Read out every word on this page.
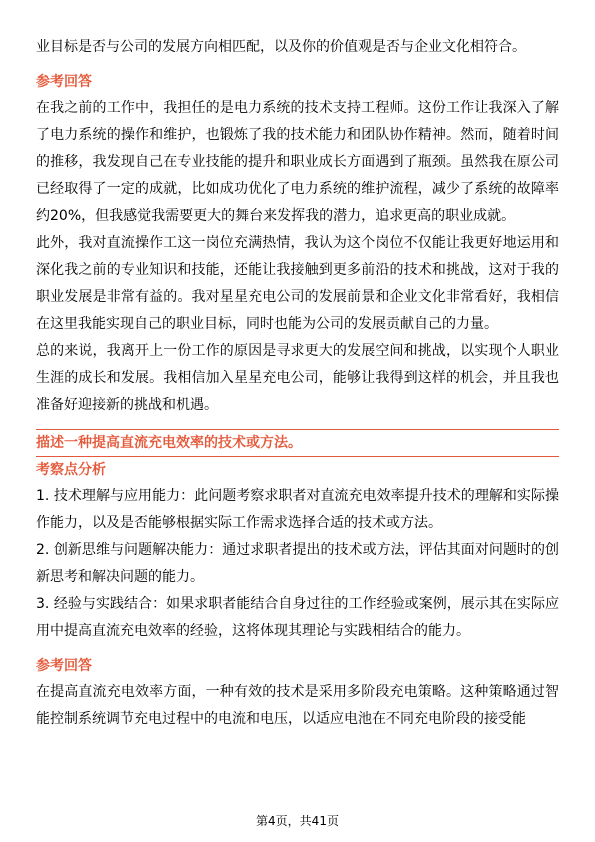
业目标是否与公司的发展方向相匹配，以及你的价值观是否与企业文化相符合。

参考回答

在我之前的工作中，我担任的是电力系统的技术支持工程师。这份工作让我深入了解了电力系统的操作和维护，也锻炼了我的技术能力和团队协作精神。然而，随着时间的推移，我发现自己在专业技能的提升和职业成长方面遇到了瓶颈。虽然我在原公司已经取得了一定的成就，比如成功优化了电力系统的维护流程，减少了系统的故障率约20%，但我感觉我需要更大的舞台来发挥我的潜力，追求更高的职业成就。

此外，我对直流操作工这一岗位充满热情，我认为这个岗位不仅能让我更好地运用和深化我之前的专业知识和技能，还能让我接触到更多前沿的技术和挑战，这对于我的职业发展是非常有益的。我对星星充电公司的发展前景和企业文化非常看好，我相信在这里我能实现自己的职业目标，同时也能为公司的发展贡献自己的力量。

总的来说，我离开上一份工作的原因是寻求更大的发展空间和挑战，以实现个人职业生涯的成长和发展。我相信加入星星充电公司，能够让我得到这样的机会，并且我也准备好迎接新的挑战和机遇。

描述一种提高直流充电效率的技术或方法。

考察点分析

1. 技术理解与应用能力：此问题考察求职者对直流充电效率提升技术的理解和实际操作能力，以及是否能够根据实际工作需求选择合适的技术或方法。

2. 创新思维与问题解决能力：通过求职者提出的技术或方法，评估其面对问题时的创新思考和解决问题的能力。

3. 经验与实践结合：如果求职者能结合自身过往的工作经验或案例，展示其在实际应用中提高直流充电效率的经验，这将体现其理论与实践相结合的能力。

参考回答

在提高直流充电效率方面，一种有效的技术是采用多阶段充电策略。这种策略通过智能控制系统调节充电过程中的电流和电压，以适应电池在不同充电阶段的接受能

第4页，共41页
